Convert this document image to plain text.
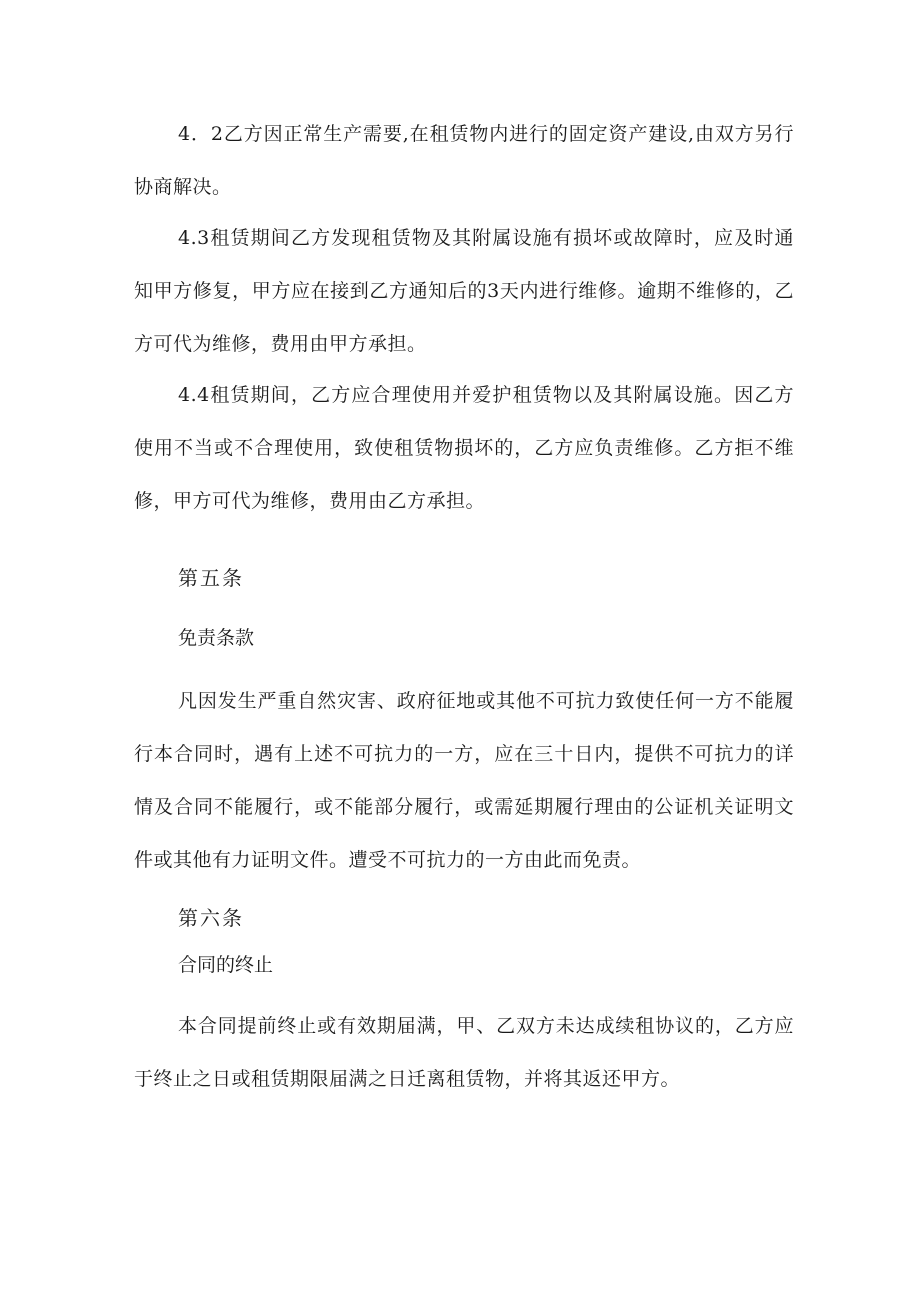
4．2乙方因正常生产需要,在租赁物内进行的固定资产建设,由双方另行协商解决。

4.3租赁期间乙方发现租赁物及其附属设施有损坏或故障时，应及时通知甲方修复，甲方应在接到乙方通知后的3天内进行维修。逾期不维修的，乙方可代为维修，费用由甲方承担。

4.4租赁期间，乙方应合理使用并爱护租赁物以及其附属设施。因乙方使用不当或不合理使用，致使租赁物损坏的，乙方应负责维修。乙方拒不维修，甲方可代为维修，费用由乙方承担。

第五条
免责条款

凡因发生严重自然灾害、政府征地或其他不可抗力致使任何一方不能履行本合同时，遇有上述不可抗力的一方，应在三十日内，提供不可抗力的详情及合同不能履行，或不能部分履行，或需延期履行理由的公证机关证明文件或其他有力证明文件。遭受不可抗力的一方由此而免责。

第六条
合同的终止

本合同提前终止或有效期届满，甲、乙双方未达成续租协议的，乙方应于终止之日或租赁期限届满之日迁离租赁物，并将其返还甲方。
